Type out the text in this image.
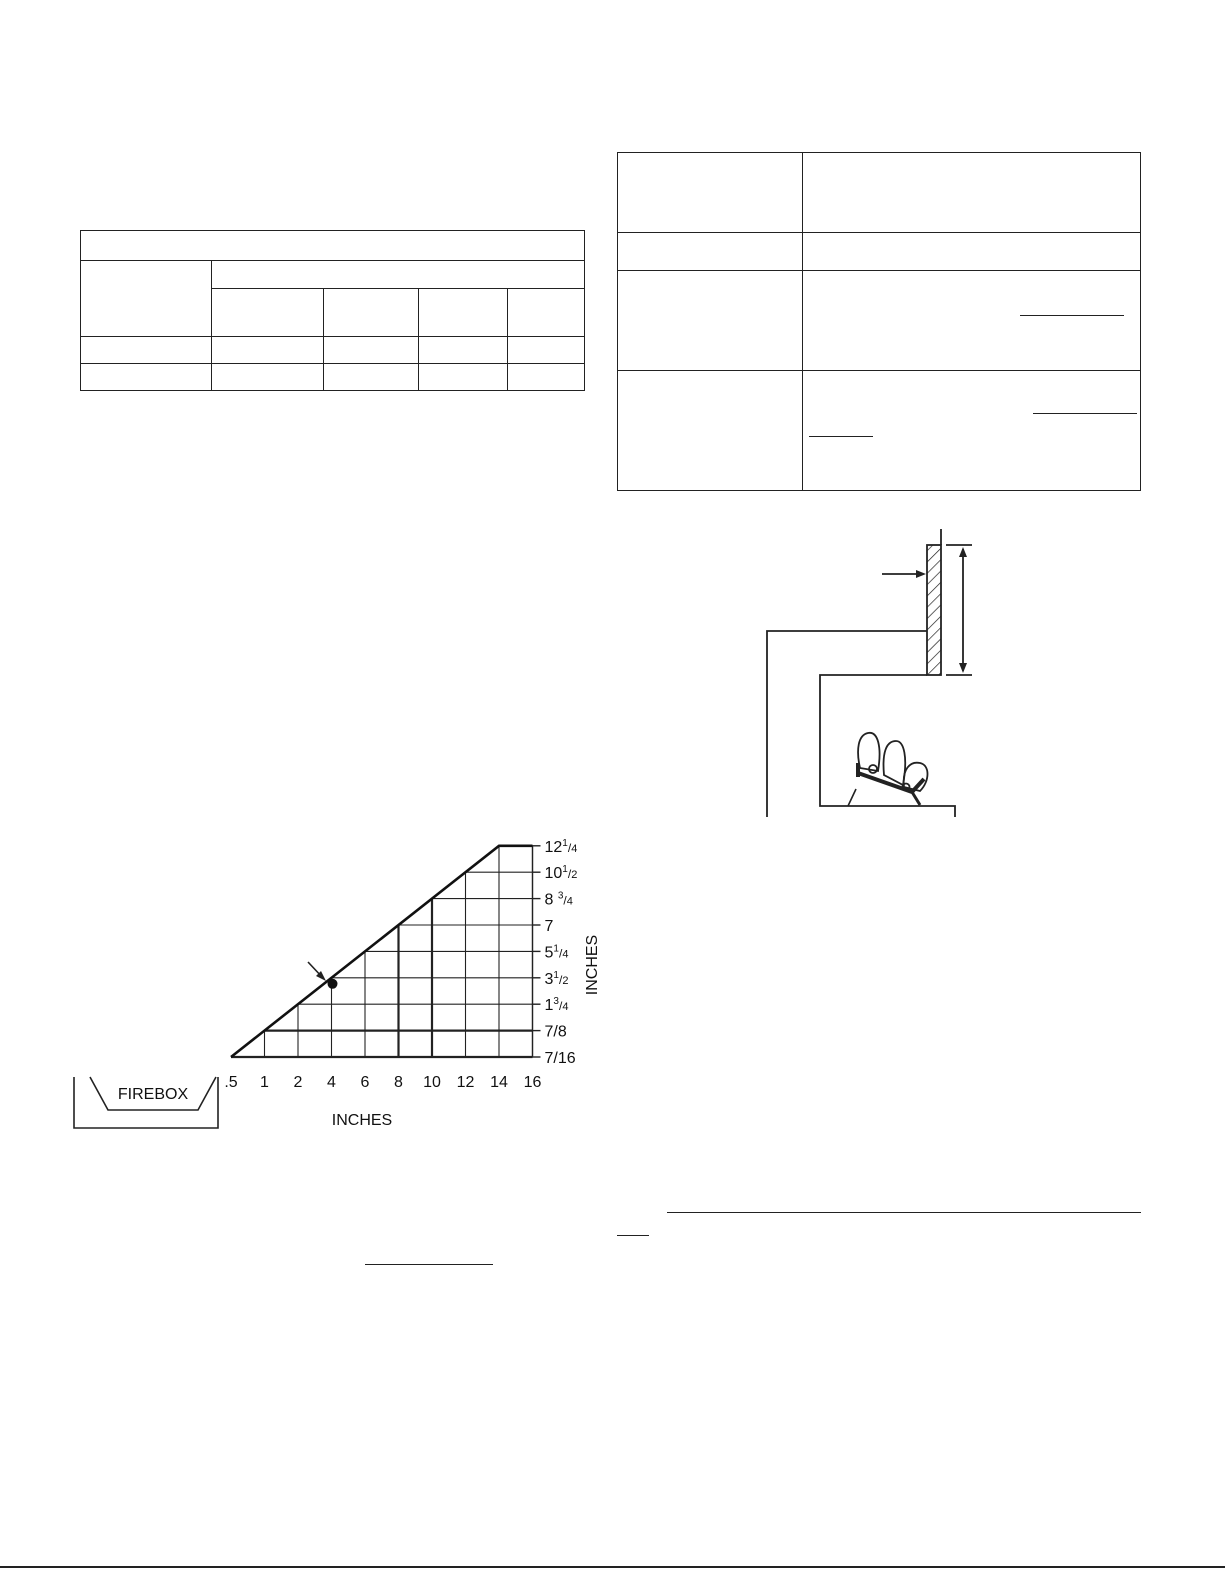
.5 1 2 4 6 8 10 12 14 16
$12^1_/4$
$10^1_/2$
8 $^3_/$4
7
$5^1_/4$
$3^1_/2$
$1^3_/4$
7/8
7/16
FIREBOX
INCHES
INCHES
